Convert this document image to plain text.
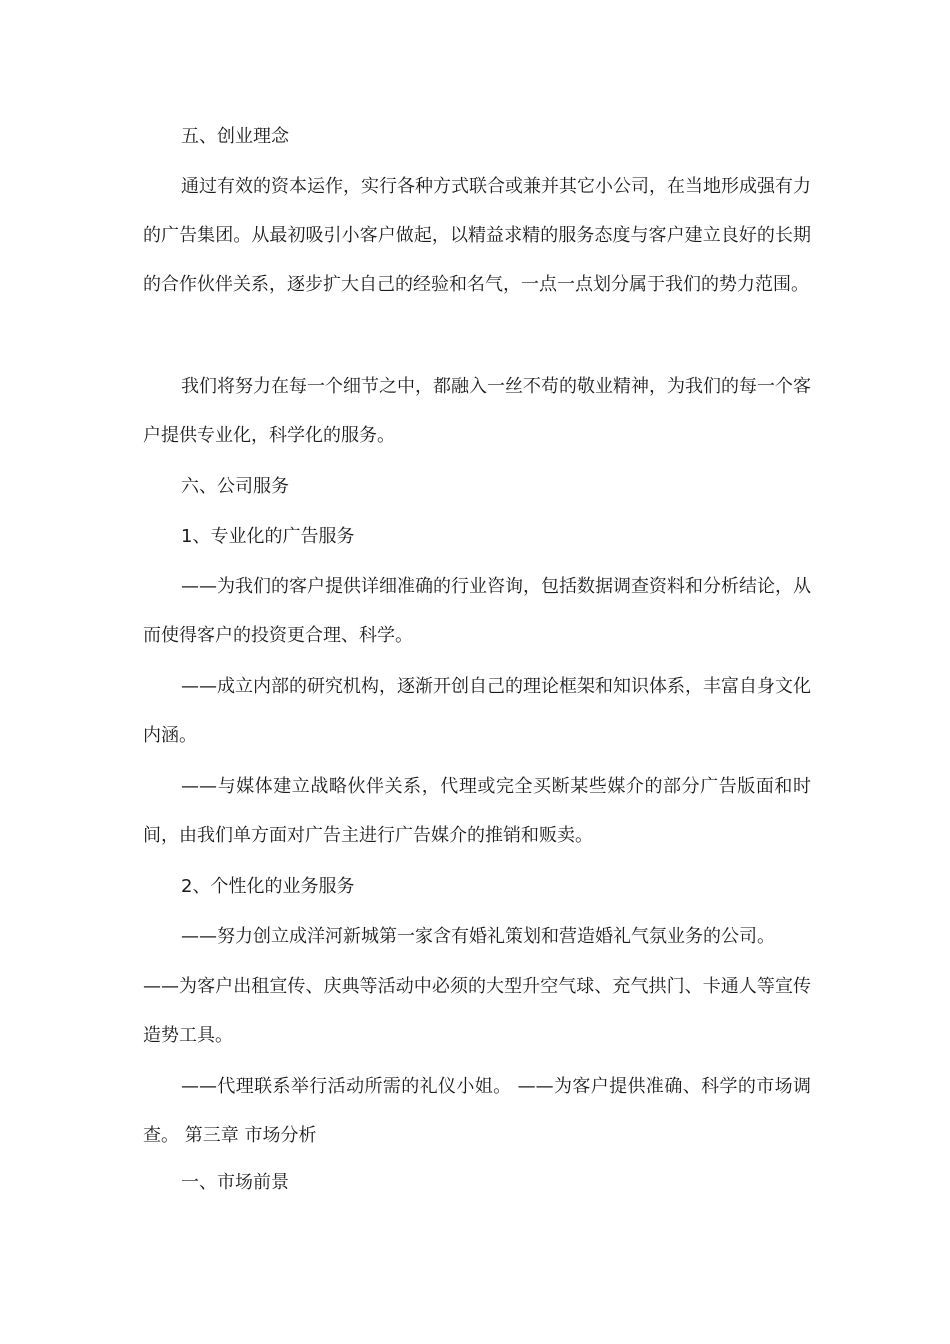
五、创业理念

通过有效的资本运作，实行各种方式联合或兼并其它小公司，在当地形成强有力的广告集团。从最初吸引小客户做起，以精益求精的服务态度与客户建立良好的长期的合作伙伴关系，逐步扩大自己的经验和名气，一点一点划分属于我们的势力范围。

我们将努力在每一个细节之中，都融入一丝不苟的敬业精神，为我们的每一个客户提供专业化，科学化的服务。

六、公司服务

1、专业化的广告服务

——为我们的客户提供详细准确的行业咨询，包括数据调查资料和分析结论，从而使得客户的投资更合理、科学。

——成立内部的研究机构，逐渐开创自己的理论框架和知识体系，丰富自身文化内涵。

——与媒体建立战略伙伴关系，代理或完全买断某些媒介的部分广告版面和时间，由我们单方面对广告主进行广告媒介的推销和贩卖。

2、个性化的业务服务

——努力创立成洋河新城第一家含有婚礼策划和营造婚礼气氛业务的公司。

——为客户出租宣传、庆典等活动中必须的大型升空气球、充气拱门、卡通人等宣传造势工具。

——代理联系举行活动所需的礼仪小姐。 ——为客户提供准确、科学的市场调查。 第三章 市场分析

一、市场前景
